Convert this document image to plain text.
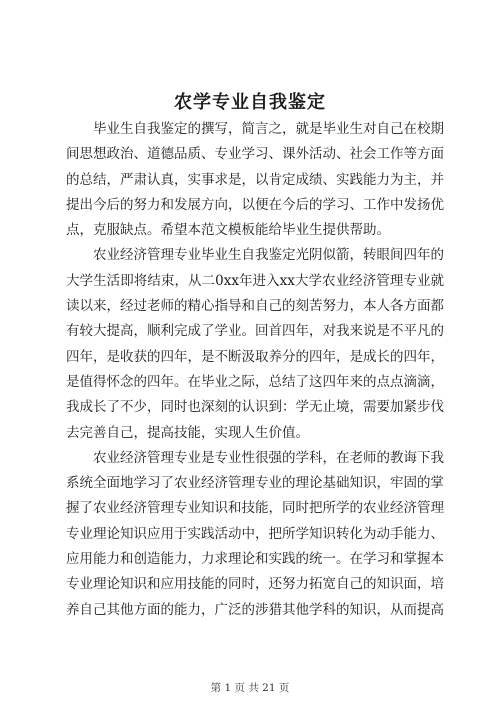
农学专业自我鉴定

毕业生自我鉴定的撰写，简言之，就是毕业生对自己在校期间思想政治、道德品质、专业学习、课外活动、社会工作等方面的总结，严肃认真，实事求是，以肯定成绩、实践能力为主，并提出今后的努力和发展方向，以便在今后的学习、工作中发扬优点，克服缺点。希望本范文模板能给毕业生提供帮助。

农业经济管理专业毕业生自我鉴定光阴似箭，转眼间四年的大学生活即将结束，从二0xx年进入xx大学农业经济管理专业就读以来，经过老师的精心指导和自己的刻苦努力，本人各方面都有较大提高，顺利完成了学业。回首四年，对我来说是不平凡的四年，是收获的四年，是不断汲取养分的四年，是成长的四年，是值得怀念的四年。在毕业之际，总结了这四年来的点点滴滴，我成长了不少，同时也深刻的认识到：学无止境，需要加紧步伐去完善自己，提高技能，实现人生价值。

农业经济管理专业是专业性很强的学科，在老师的教诲下我系统全面地学习了农业经济管理专业的理论基础知识，牢固的掌握了农业经济管理专业知识和技能，同时把所学的农业经济管理专业理论知识应用于实践活动中，把所学知识转化为动手能力、应用能力和创造能力，力求理论和实践的统一。在学习和掌握本专业理论知识和应用技能的同时，还努力拓宽自己的知识面，培养自己其他方面的能力，广泛的涉猎其他学科的知识，从而提高

第 1 页 共 21 页
